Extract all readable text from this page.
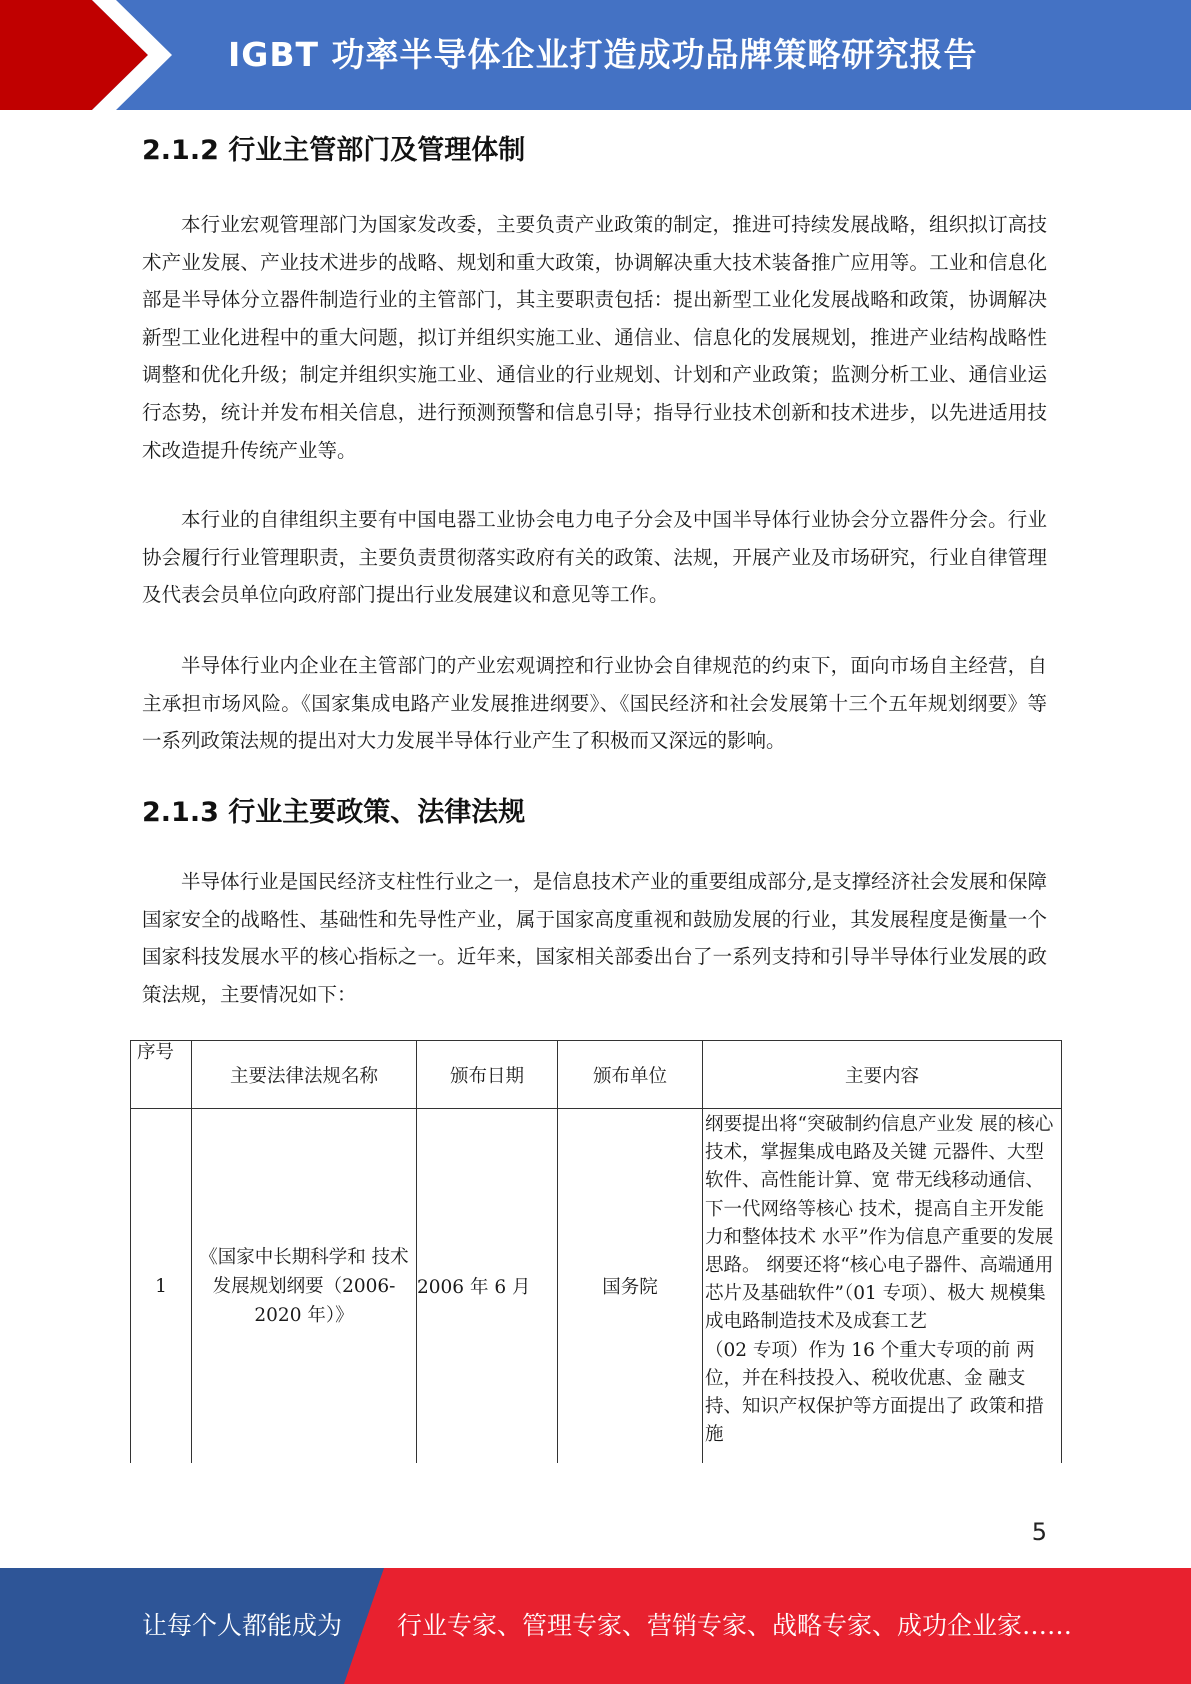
IGBT 功率半导体企业打造成功品牌策略研究报告
2.1.2 行业主管部门及管理体制

本行业宏观管理部门为国家发改委，主要负责产业政策的制定，推进可持续发展战略，组织拟订高技术产业发展、产业技术进步的战略、规划和重大政策，协调解决重大技术装备推广应用等。工业和信息化部是半导体分立器件制造行业的主管部门，其主要职责包括：提出新型工业化发展战略和政策，协调解决新型工业化进程中的重大问题，拟订并组织实施工业、通信业、信息化的发展规划，推进产业结构战略性调整和优化升级；制定并组织实施工业、通信业的行业规划、计划和产业政策；监测分析工业、通信业运行态势，统计并发布相关信息，进行预测预警和信息引导；指导行业技术创新和技术进步，以先进适用技术改造提升传统产业等。

本行业的自律组织主要有中国电器工业协会电力电子分会及中国半导体行业协会分立器件分会。行业协会履行行业管理职责，主要负责贯彻落实政府有关的政策、法规，开展产业及市场研究，行业自律管理及代表会员单位向政府部门提出行业发展建议和意见等工作。

半导体行业内企业在主管部门的产业宏观调控和行业协会自律规范的约束下，面向市场自主经营，自主承担市场风险。《国家集成电路产业发展推进纲要》、《国民经济和社会发展第十三个五年规划纲要》等一系列政策法规的提出对大力发展半导体行业产生了积极而又深远的影响。

2.1.3 行业主要政策、法律法规

半导体行业是国民经济支柱性行业之一，是信息技术产业的重要组成部分,是支撑经济社会发展和保障国家安全的战略性、基础性和先导性产业，属于国家高度重视和鼓励发展的行业，其发展程度是衡量一个国家科技发展水平的核心指标之一。近年来，国家相关部委出台了一系列支持和引导半导体行业发展的政策法规，主要情况如下：

序号	主要法律法规名称	颁布日期	颁布单位	主要内容
1	《国家中长期科学和 技术发展规划纲要（2006-2020 年）》	2006 年 6 月	国务院	纲要提出将“突破制约信息产业发 展的核心技术，掌握集成电路及关键 元器件、大型软件、高性能计算、宽 带无线移动通信、下一代网络等核心 技术，提高自主开发能力和整体技术 水平”作为信息产重要的发展思路。 纲要还将“核心电子器件、高端通用 芯片及基础软件”（01 专项）、极大 规模集成电路制造技术及成套工艺
（02 专项）作为 16 个重大专项的前 两位，并在科技投入、税收优惠、金 融支持、知识产权保护等方面提出了 政策和措施
5
让每个人都能成为 行业专家、管理专家、营销专家、战略专家、成功企业家……
